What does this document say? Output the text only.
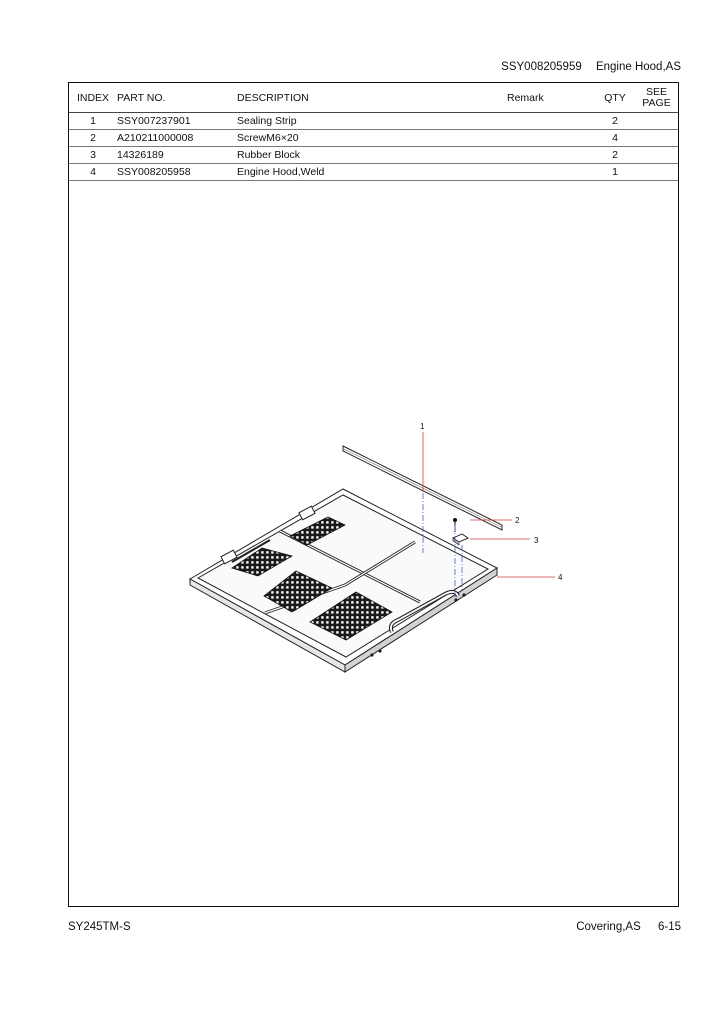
SSY008205959 Engine Hood,AS
INDEX	PART NO.	DESCRIPTION	Remark	QTY	SEE
PAGE
1	SSY007237901	Sealing Strip		2	
2	A210211000008	ScrewM6×20		4	
3	14326189	Rubber Block		2	
4	SSY008205958	Engine Hood,Weld		1	
1
2
3
4
SY245TM-S	Covering,AS 6-15
